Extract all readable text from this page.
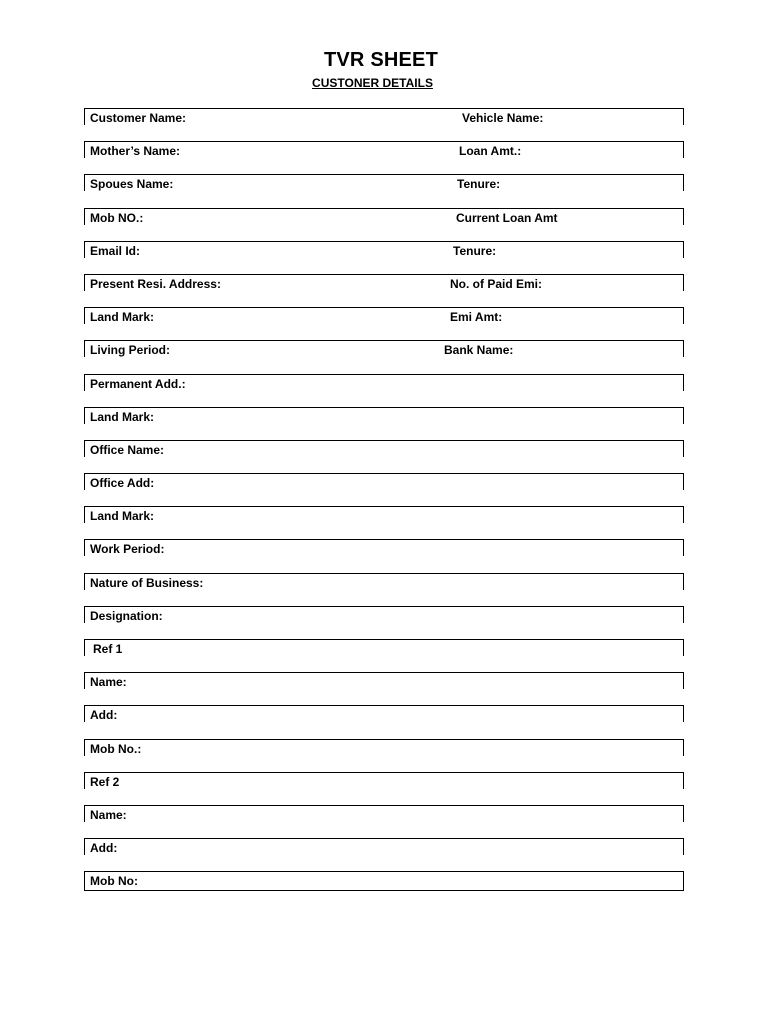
TVR SHEET
CUSTONER DETAILS
Customer Name:	Vehicle Name:
Mother’s Name:	Loan Amt.:
Spoues Name:	Tenure:
Mob NO.:	Current Loan Amt
Email Id:	Tenure:
Present Resi. Address:	No. of Paid Emi:
Land Mark:	Emi Amt:
Living Period:	Bank Name:
Permanent Add.:
Land Mark:
Office Name:
Office Add:
Land Mark:
Work Period:
Nature of Business:
Designation:
Ref 1
Name:
Add:
Mob No.:
Ref 2
Name:
Add:
Mob No:
